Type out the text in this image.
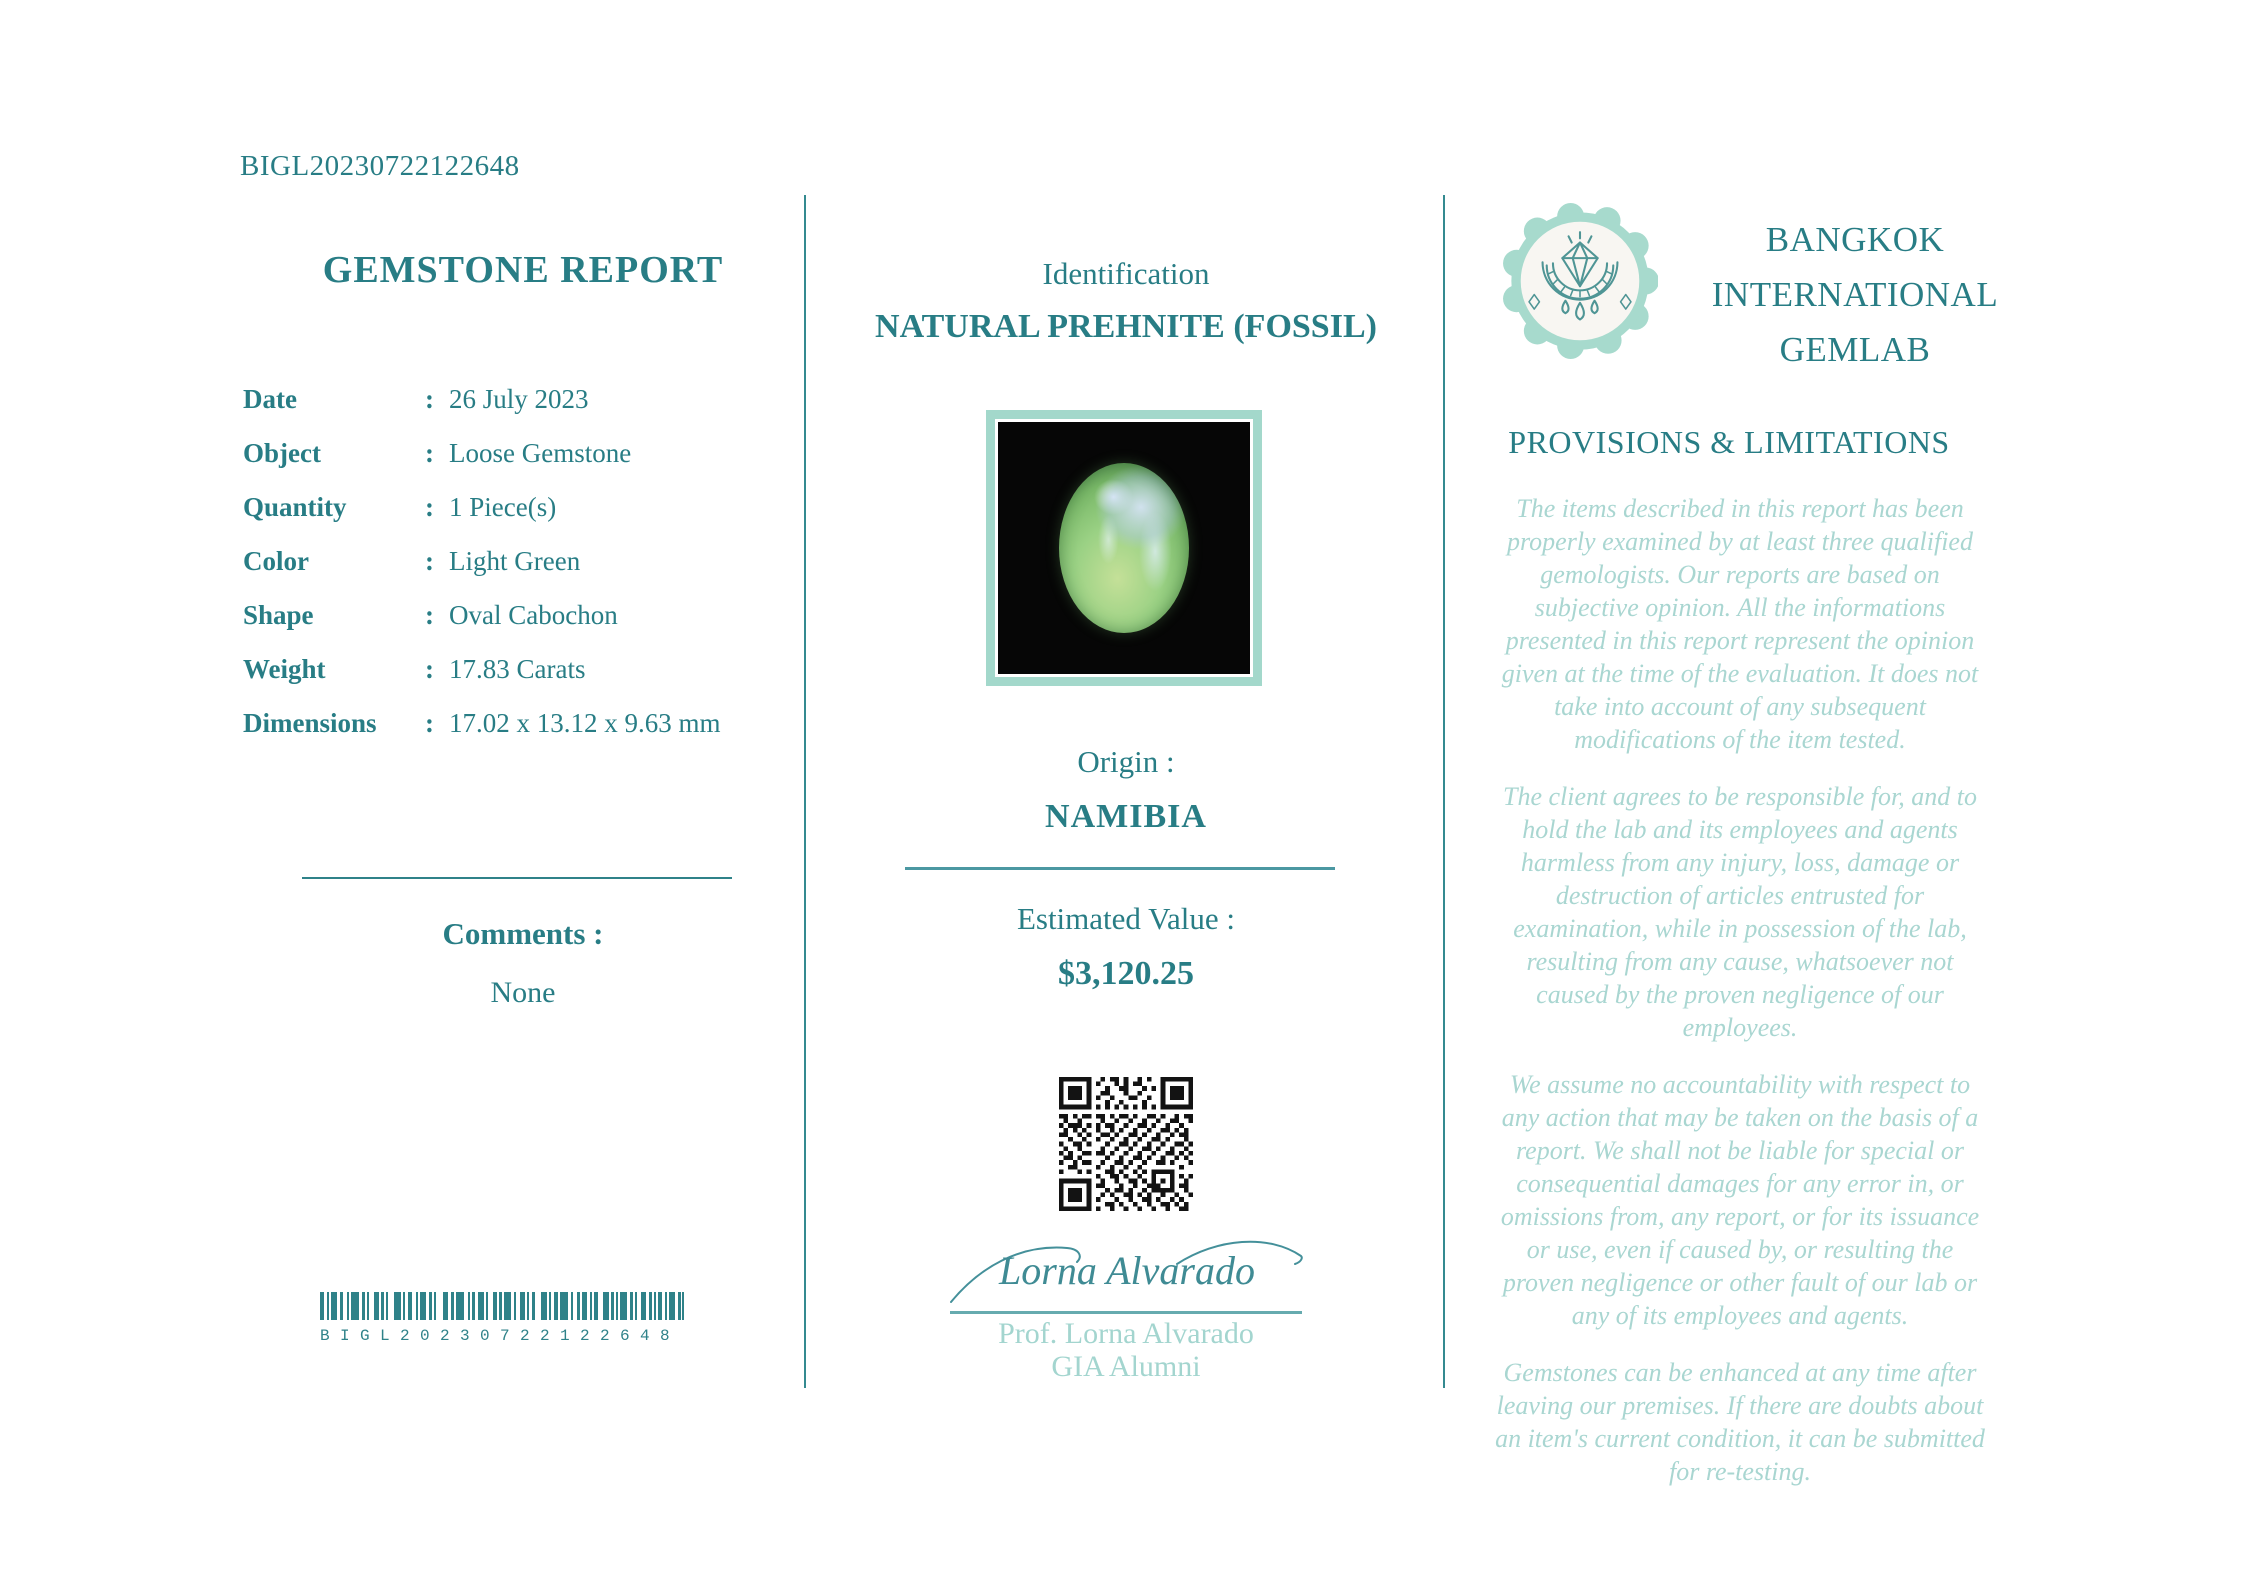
BIGL20230722122648
GEMSTONE REPORT
Date	: 26 July 2023
Object	: Loose Gemstone
Quantity	: 1 Piece(s)
Color	: Light Green
Shape	: Oval Cabochon
Weight	: 17.83 Carats
Dimensions	: 17.02 x 13.12 x 9.63 mm
Comments :
None
BIGL20230722122648
Identification
NATURAL PREHNITE (FOSSIL)
Origin :
NAMIBIA
Estimated Value :
$3,120.25
Lorna Alvarado
Prof. Lorna Alvarado
GIA Alumni
BANGKOK
INTERNATIONAL
GEMLAB
PROVISIONS & LIMITATIONS

The items described in this report has been properly examined by at least three qualified gemologists. Our reports are based on subjective opinion. All the informations presented in this report represent the opinion given at the time of the evaluation. It does not take into account of any subsequent modifications of the item tested.

The client agrees to be responsible for, and to hold the lab and its employees and agents harmless from any injury, loss, damage or destruction of articles entrusted for examination, while in possession of the lab, resulting from any cause, whatsoever not caused by the proven negligence of our employees.

We assume no accountability with respect to any action that may be taken on the basis of a report. We shall not be liable for special or consequential damages for any error in, or omissions from, any report, or for its issuance or use, even if caused by, or resulting the proven negligence or other fault of our lab or any of its employees and agents.

Gemstones can be enhanced at any time after leaving our premises. If there are doubts about an item's current condition, it can be submitted for re-testing.
